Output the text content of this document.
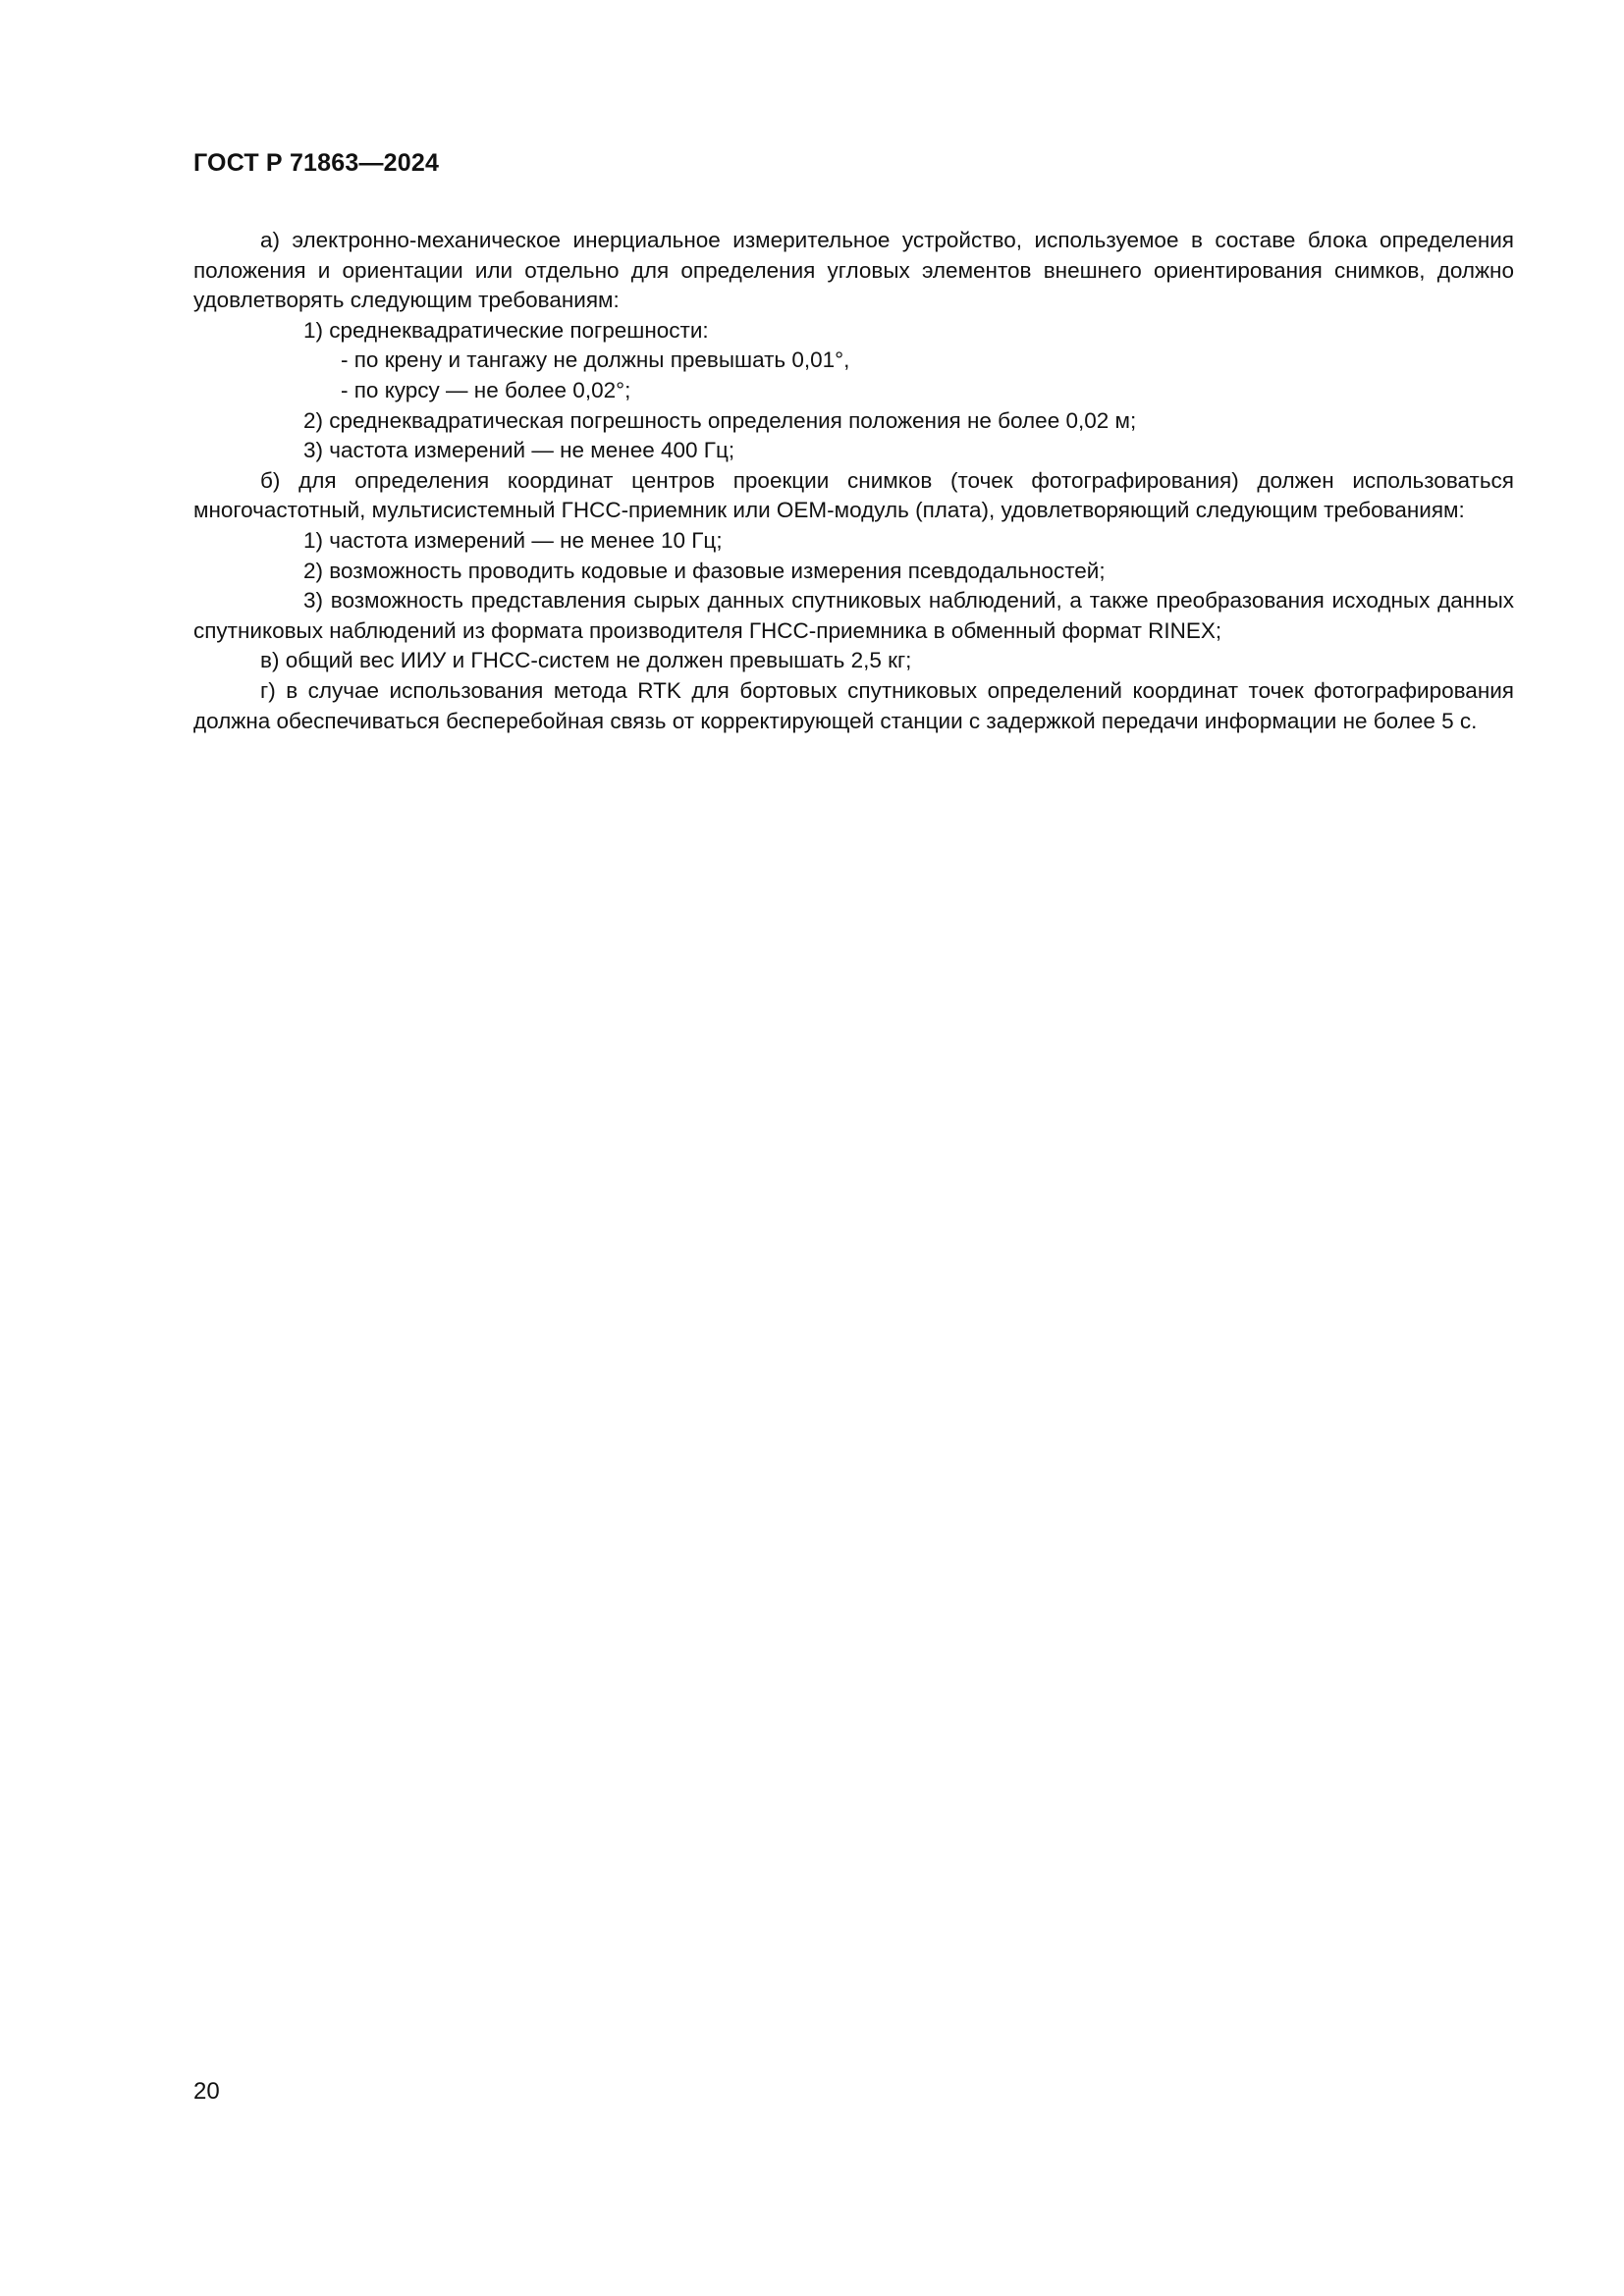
ГОСТ Р 71863—2024

а) электронно-механическое инерциальное измерительное устройство, используемое в составе блока определения положения и ориентации или отдельно для определения угловых элементов внешнего ориентирования снимков, должно удовлетворять следующим требованиям:

1) среднеквадратические погрешности:

- по крену и тангажу не должны превышать 0,01°,

- по курсу — не более 0,02°;

2) среднеквадратическая погрешность определения положения не более 0,02 м;

3) частота измерений — не менее 400 Гц;

б) для определения координат центров проекции снимков (точек фотографирования) должен использоваться многочастотный, мультисистемный ГНСС-приемник или ОЕМ-модуль (плата), удовлетворяющий следующим требованиям:

1) частота измерений — не менее 10 Гц;

2) возможность проводить кодовые и фазовые измерения псевдодальностей;

3) возможность представления сырых данных спутниковых наблюдений, а также преобразования исходных данных спутниковых наблюдений из формата производителя ГНСС-приемника в обменный формат RINEX;

в) общий вес ИИУ и ГНСС-систем не должен превышать 2,5 кг;

г) в случае использования метода RTK для бортовых спутниковых определений координат точек фотографирования должна обеспечиваться бесперебойная связь от корректирующей станции с задержкой передачи информации не более 5 с.

20
